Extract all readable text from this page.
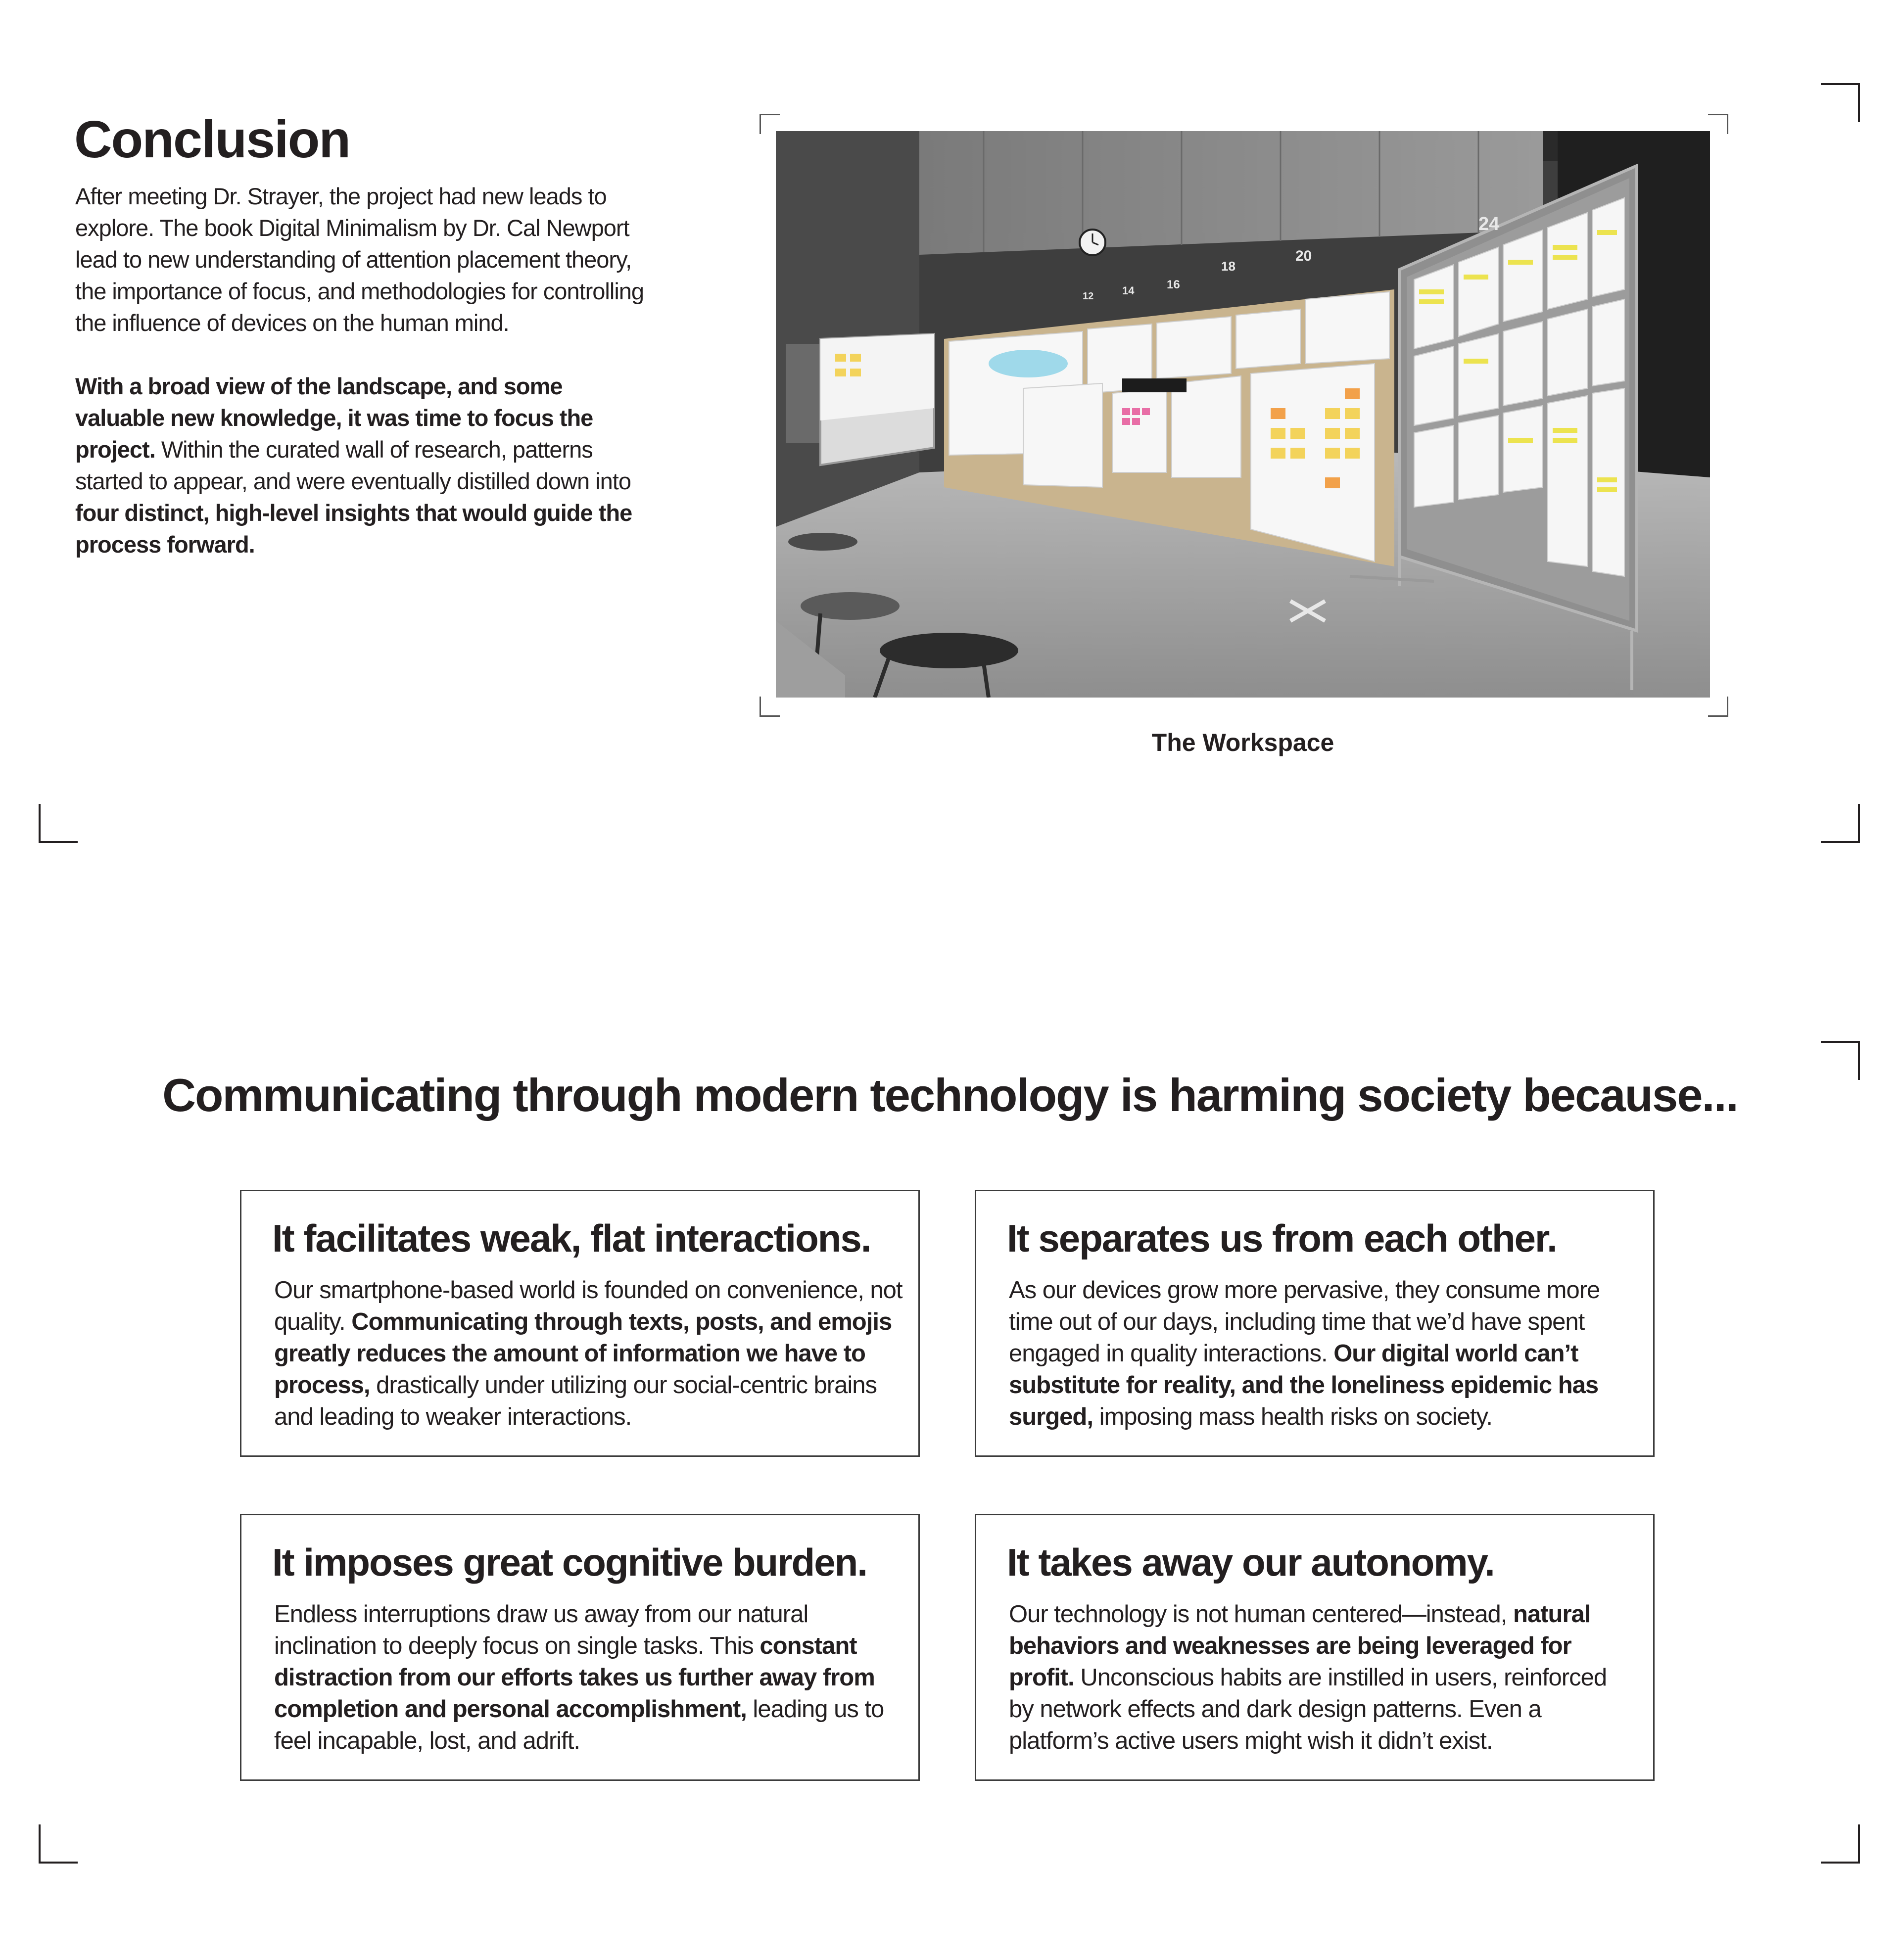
Conclusion

After meeting Dr. Strayer, the project had new leads to explore. The book Digital Minimalism by Dr. Cal Newport lead to new understanding of attention placement theory, the importance of focus, and methodologies for controlling the influence of devices on the human mind.

With a broad view of the landscape, and some valuable new knowledge, it was time to focus the project. Within the curated wall of research, patterns started to appear, and were eventually distilled down into four distinct, high-level insights that would guide the process forward.

12	14	16
18
20
24

The Workspace

Communicating through modern technology is harming society because...
It facilitates weak, flat interactions.

Our smartphone-based world is founded on convenience, not quality. Communicating through texts, posts, and emojis greatly reduces the amount of information we have to process, drastically under utilizing our social-centric brains and leading to weaker interactions.

It separates us from each other.

As our devices grow more pervasive, they consume more time out of our days, including time that we’d have spent engaged in quality interactions. Our digital world can’t substitute for reality, and the loneliness epidemic has surged, imposing mass health risks on society.

It imposes great cognitive burden.

Endless interruptions draw us away from our natural inclination to deeply focus on single tasks. This constant distraction from our efforts takes us further away from completion and personal accomplishment, leading us to feel incapable, lost, and adrift.

It takes away our autonomy.

Our technology is not human centered—instead, natural behaviors and weaknesses are being leveraged for profit. Unconscious habits are instilled in users, reinforced by network effects and dark design patterns. Even a platform’s active users might wish it didn’t exist.
